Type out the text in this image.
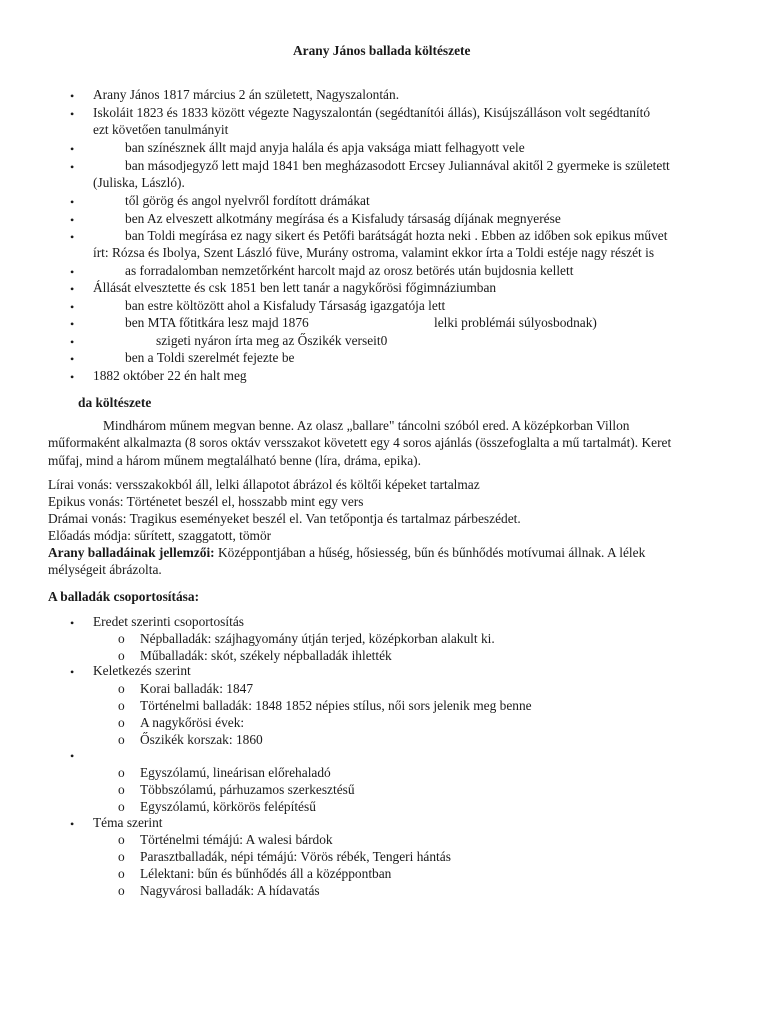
Arany János ballada költészete
• Arany János 1817 március 2 án született, Nagyszalontán.
• Iskoláit 1823 és 1833 között végezte Nagyszalontán (segédtanítói állás), Kisújszálláson volt segédtanító
ezt követően tanulmányit
•	ban színésznek állt majd anyja halála és apja vaksága miatt felhagyott vele
•	ban másodjegyző lett majd 1841 ben megházasodott Ercsey Juliannával akitől 2 gyermeke is született
(Juliska, László).
•	től görög és angol nyelvről fordított drámákat
•	ben Az elveszett alkotmány megírása és a Kisfaludy társaság díjának megnyerése
•	ban Toldi megírása ez nagy sikert és Petőfi barátságát hozta neki . Ebben az időben sok epikus művet
írt: Rózsa és Ibolya, Szent László füve, Murány ostroma, valamint ekkor írta a Toldi estéje nagy részét is
•	as forradalomban nemzetőrként harcolt majd az orosz betörés után bujdosnia kellett
• Állását elvesztette és csk 1851 ben lett tanár a nagykőrösi főgimnáziumban
•	ban estre költözött ahol a Kisfaludy Társaság igazgatója lett
•	ben MTA főtitkára lesz majd 1876	lelki problémái súlyosbodnak)
•	szigeti nyáron írta meg az Őszikék verseit0
•	ben a Toldi szerelmét fejezte be
• 1882 október 22 én halt meg
da költészete
Mindhárom műnem megvan benne. Az olasz „ballare" táncolni szóból ered. A középkorban Villon
műformaként alkalmazta (8 soros oktáv versszakot követett egy 4 soros ajánlás (összefoglalta a mű tartalmát). Keret
műfaj, mind a három műnem megtalálható benne (líra, dráma, epika).
Lírai vonás: versszakokból áll, lelki állapotot ábrázol és költői képeket tartalmaz
Epikus vonás: Történetet beszél el, hosszabb mint egy vers
Drámai vonás: Tragikus eseményeket beszél el. Van tetőpontja és tartalmaz párbeszédet.
Előadás módja: sűrített, szaggatott, tömör
Arany balladáinak jellemzői: Középpontjában a hűség, hősiesség, bűn és bűnhődés motívumai állnak. A lélek
mélységeit ábrázolta.
A balladák csoportosítása:
• Eredet szerinti csoportosítás
o Népballadák: szájhagyomány útján terjed, középkorban alakult ki.
o Műballadák: skót, székely népballadák ihlették
• Keletkezés szerint
o Korai balladák: 1847
o Történelmi balladák: 1848 1852 népies stílus, női sors jelenik meg benne
o A nagykőrösi évek:
o Őszikék korszak: 1860
•
o Egyszólamú, lineárisan előrehaladó
o Többszólamú, párhuzamos szerkesztésű
o Egyszólamú, körkörös felépítésű
• Téma szerint
o Történelmi témájú: A walesi bárdok
o Parasztballadák, népi témájú: Vörös rébék, Tengeri hántás
o Lélektani: bűn és bűnhődés áll a középpontban
o Nagyvárosi balladák: A hídavatás
